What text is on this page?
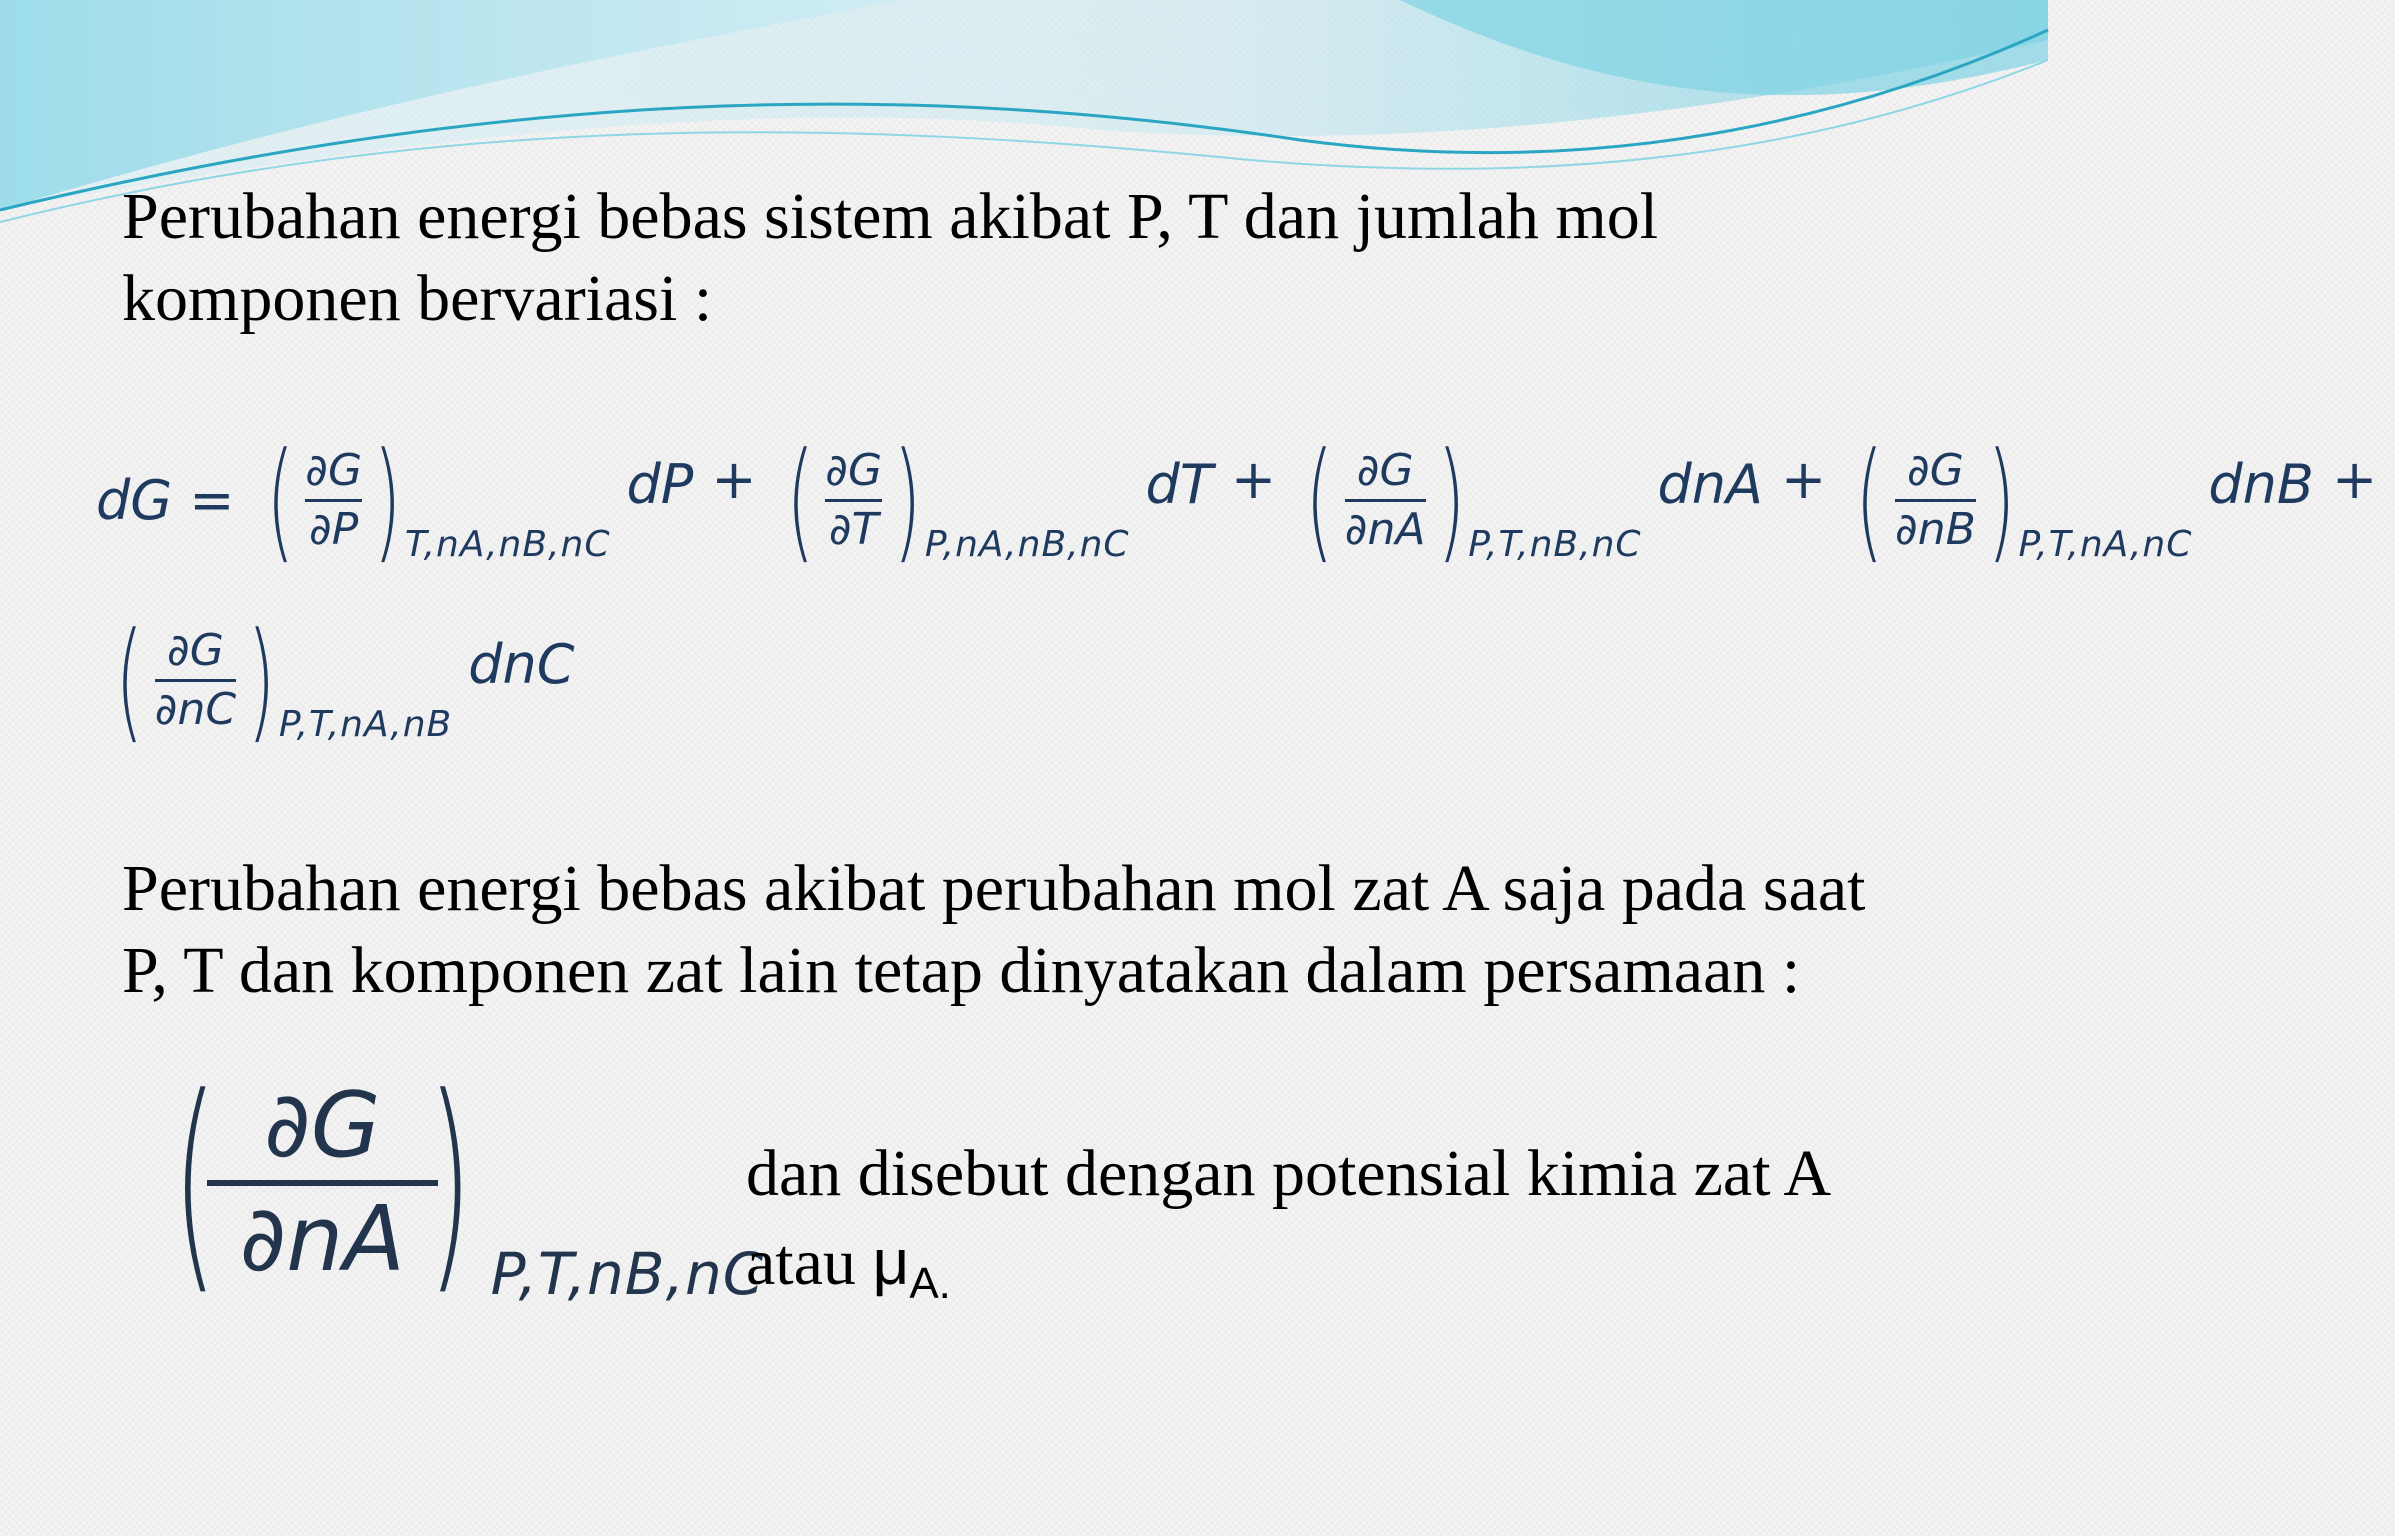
Perubahan energi bebas sistem akibat P, T dan jumlah mol
komponen bervariasi :

dG = ( $\frac{\partial G}{\partial P}$ ) T,nA,nB,nC
dP + ( $\frac{\partial G}{\partial T}$ ) P,nA,nB,nC
dT + ( $\frac{\partial G}{\partial nA}$ ) P,T,nB,nC
dnA + ( $\frac{\partial G}{\partial nB}$ ) P,T,nA,nC
dnB +
( $\frac{\partial G}{\partial nC}$ ) P,T,nA,nB
dnC

Perubahan energi bebas akibat perubahan mol zat A saja pada saat
P, T dan komponen zat lain tetap dinyatakan dalam persamaan :

( ∂G
∂nA ) P,T,nB,nC
dan disebut dengan potensial kimia zat A
atau $\mu_{A.}$
